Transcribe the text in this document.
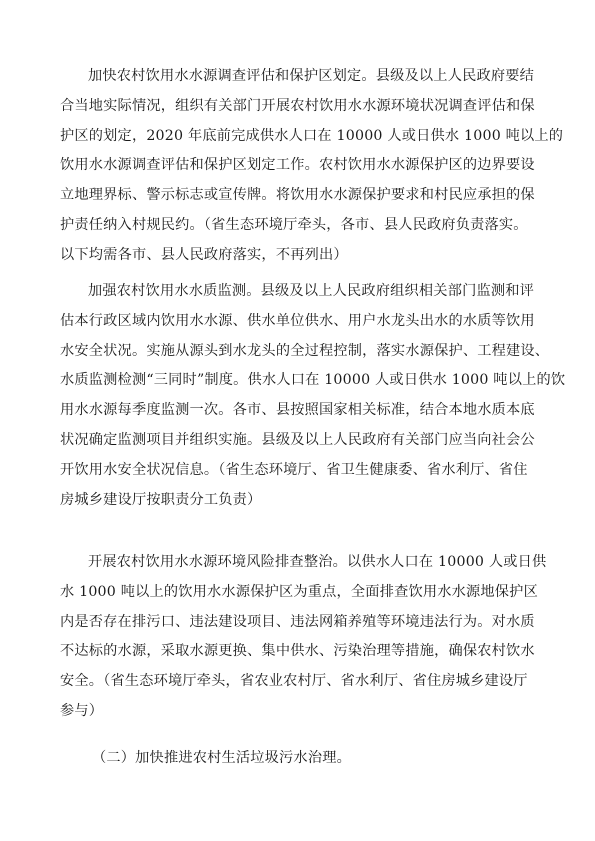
加快农村饮用水水源调查评估和保护区划定。县级及以上人民政府要结
合当地实际情况，组织有关部门开展农村饮用水水源环境状况调查评估和保
护区的划定，2020 年底前完成供水人口在 10000 人或日供水 1000 吨以上的
饮用水水源调查评估和保护区划定工作。农村饮用水水源保护区的边界要设
立地理界标、警示标志或宣传牌。将饮用水水源保护要求和村民应承担的保
护责任纳入村规民约。（省生态环境厅牵头，各市、县人民政府负责落实。
以下均需各市、县人民政府落实，不再列出）
加强农村饮用水水质监测。县级及以上人民政府组织相关部门监测和评
估本行政区域内饮用水水源、供水单位供水、用户水龙头出水的水质等饮用
水安全状况。实施从源头到水龙头的全过程控制，落实水源保护、工程建设、
水质监测检测“三同时”制度。供水人口在 10000 人或日供水 1000 吨以上的饮
用水水源每季度监测一次。各市、县按照国家相关标准，结合本地水质本底
状况确定监测项目并组织实施。县级及以上人民政府有关部门应当向社会公
开饮用水安全状况信息。（省生态环境厅、省卫生健康委、省水利厅、省住
房城乡建设厅按职责分工负责）
开展农村饮用水水源环境风险排查整治。以供水人口在 10000 人或日供
水 1000 吨以上的饮用水水源保护区为重点，全面排查饮用水水源地保护区
内是否存在排污口、违法建设项目、违法网箱养殖等环境违法行为。对水质
不达标的水源，采取水源更换、集中供水、污染治理等措施，确保农村饮水
安全。（省生态环境厅牵头，省农业农村厅、省水利厅、省住房城乡建设厅
参与）
（二）加快推进农村生活垃圾污水治理。
